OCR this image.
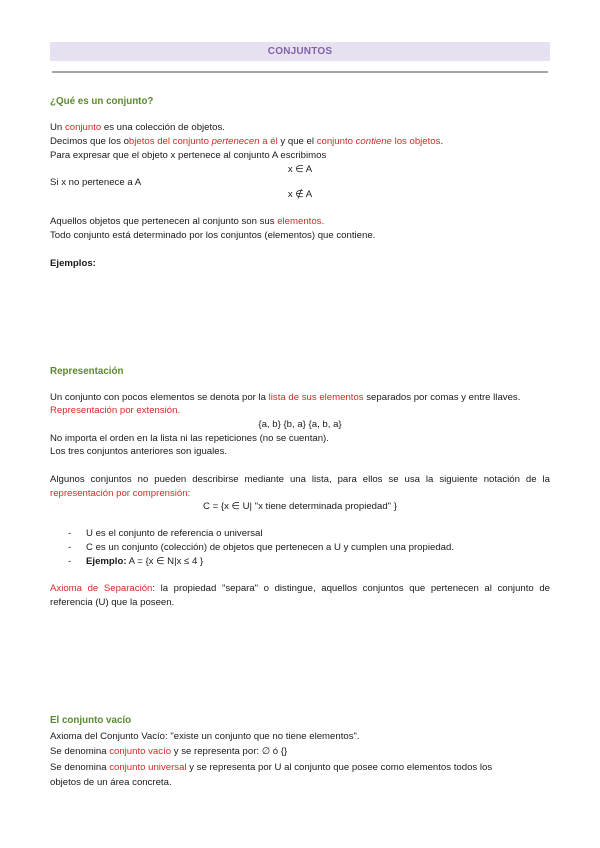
CONJUNTOS
¿Qué es un conjunto?
Un conjunto es una colección de objetos.
Decimos que los objetos del conjunto pertenecen a él y que el conjunto contiene los objetos.
Para expresar que el objeto x pertenece al conjunto A escribimos
x ∈ A
Si x no pertenece a A
x ∉ A
Aquellos objetos que pertenecen al conjunto son sus elementos.
Todo conjunto está determinado por los conjuntos (elementos) que contiene.
Ejemplos:
Representación
Un conjunto con pocos elementos se denota por la lista de sus elementos separados por comas y entre llaves.
Representación por extensión.
{a, b} {b, a} {a, b, a}
No importa el orden en la lista ni las repeticiones (no se cuentan).
Los tres conjuntos anteriores son iguales.
Algunos conjuntos no pueden describirse mediante una lista, para ellos se usa la siguiente notación de la
representación por comprensión:
C = {x ∈ U| "x tiene determinada propiedad" }
- U es el conjunto de referencia o universal
- C es un conjunto (colección) de objetos que pertenecen a U y cumplen una propiedad.
- Ejemplo: A = {x ∈ N|x ≤ 4 }
Axioma de Separación: la propiedad "separa" o distingue, aquellos conjuntos que pertenecen al conjunto de
referencia (U) que la poseen.
El conjunto vacío
Axioma del Conjunto Vacío: "existe un conjunto que no tiene elementos".
Se denomina conjunto vacío y se representa por: ∅ ó {}
Se denomina conjunto universal y se representa por U al conjunto que posee como elementos todos los
objetos de un área concreta.
